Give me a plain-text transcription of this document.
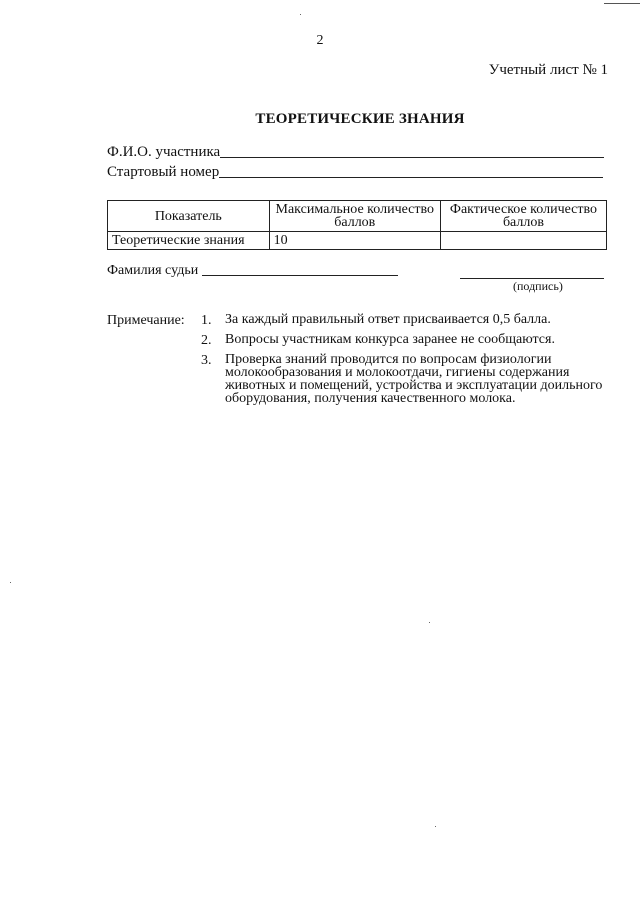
2
Учетный лист № 1
ТЕОРЕТИЧЕСКИЕ ЗНАНИЯ
Ф.И.О. участника
Стартовый номер
Показатель	Максимальное количество баллов	Фактическое количество баллов
Теоретические знания	10	
Фамилия судьи
(подпись)
Примечание: 1. За каждый правильный ответ присваивается 0,5 балла.
2. Вопросы участникам конкурса заранее не сообщаются.
3. Проверка знаний проводится по вопросам физиологии молокообразования и молокоотдачи, гигиены содержания животных и помещений, устройства и эксплуатации доильного оборудования, получения качественного молока.
